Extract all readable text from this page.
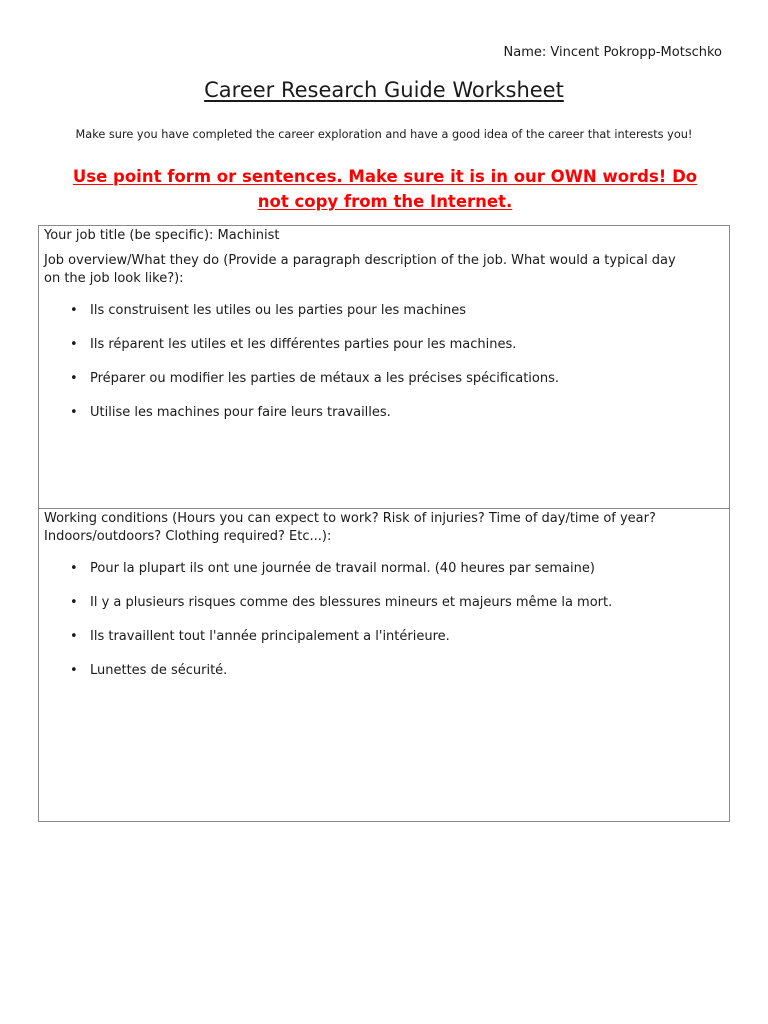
Name: Vincent Pokropp-Motschko
Career Research Guide Worksheet
Make sure you have completed the career exploration and have a good idea of the career that interests you!
Use point form or sentences. Make sure it is in our OWN words! Do
not copy from the Internet.
Your job title (be specific): Machinist
Job overview/What they do (Provide a paragraph description of the job. What would a typical day
on the job look like?):
• Ils construisent les utiles ou les parties pour les machines
• Ils réparent les utiles et les différentes parties pour les machines.
• Préparer ou modifier les parties de métaux a les précises spécifications.
• Utilise les machines pour faire leurs travailles.
Working conditions (Hours you can expect to work? Risk of injuries? Time of day/time of year?
Indoors/outdoors? Clothing required? Etc...):
• Pour la plupart ils ont une journée de travail normal. (40 heures par semaine)
• Il y a plusieurs risques comme des blessures mineurs et majeurs même la mort.
• Ils travaillent tout l'année principalement a l'intérieure.
• Lunettes de sécurité.
